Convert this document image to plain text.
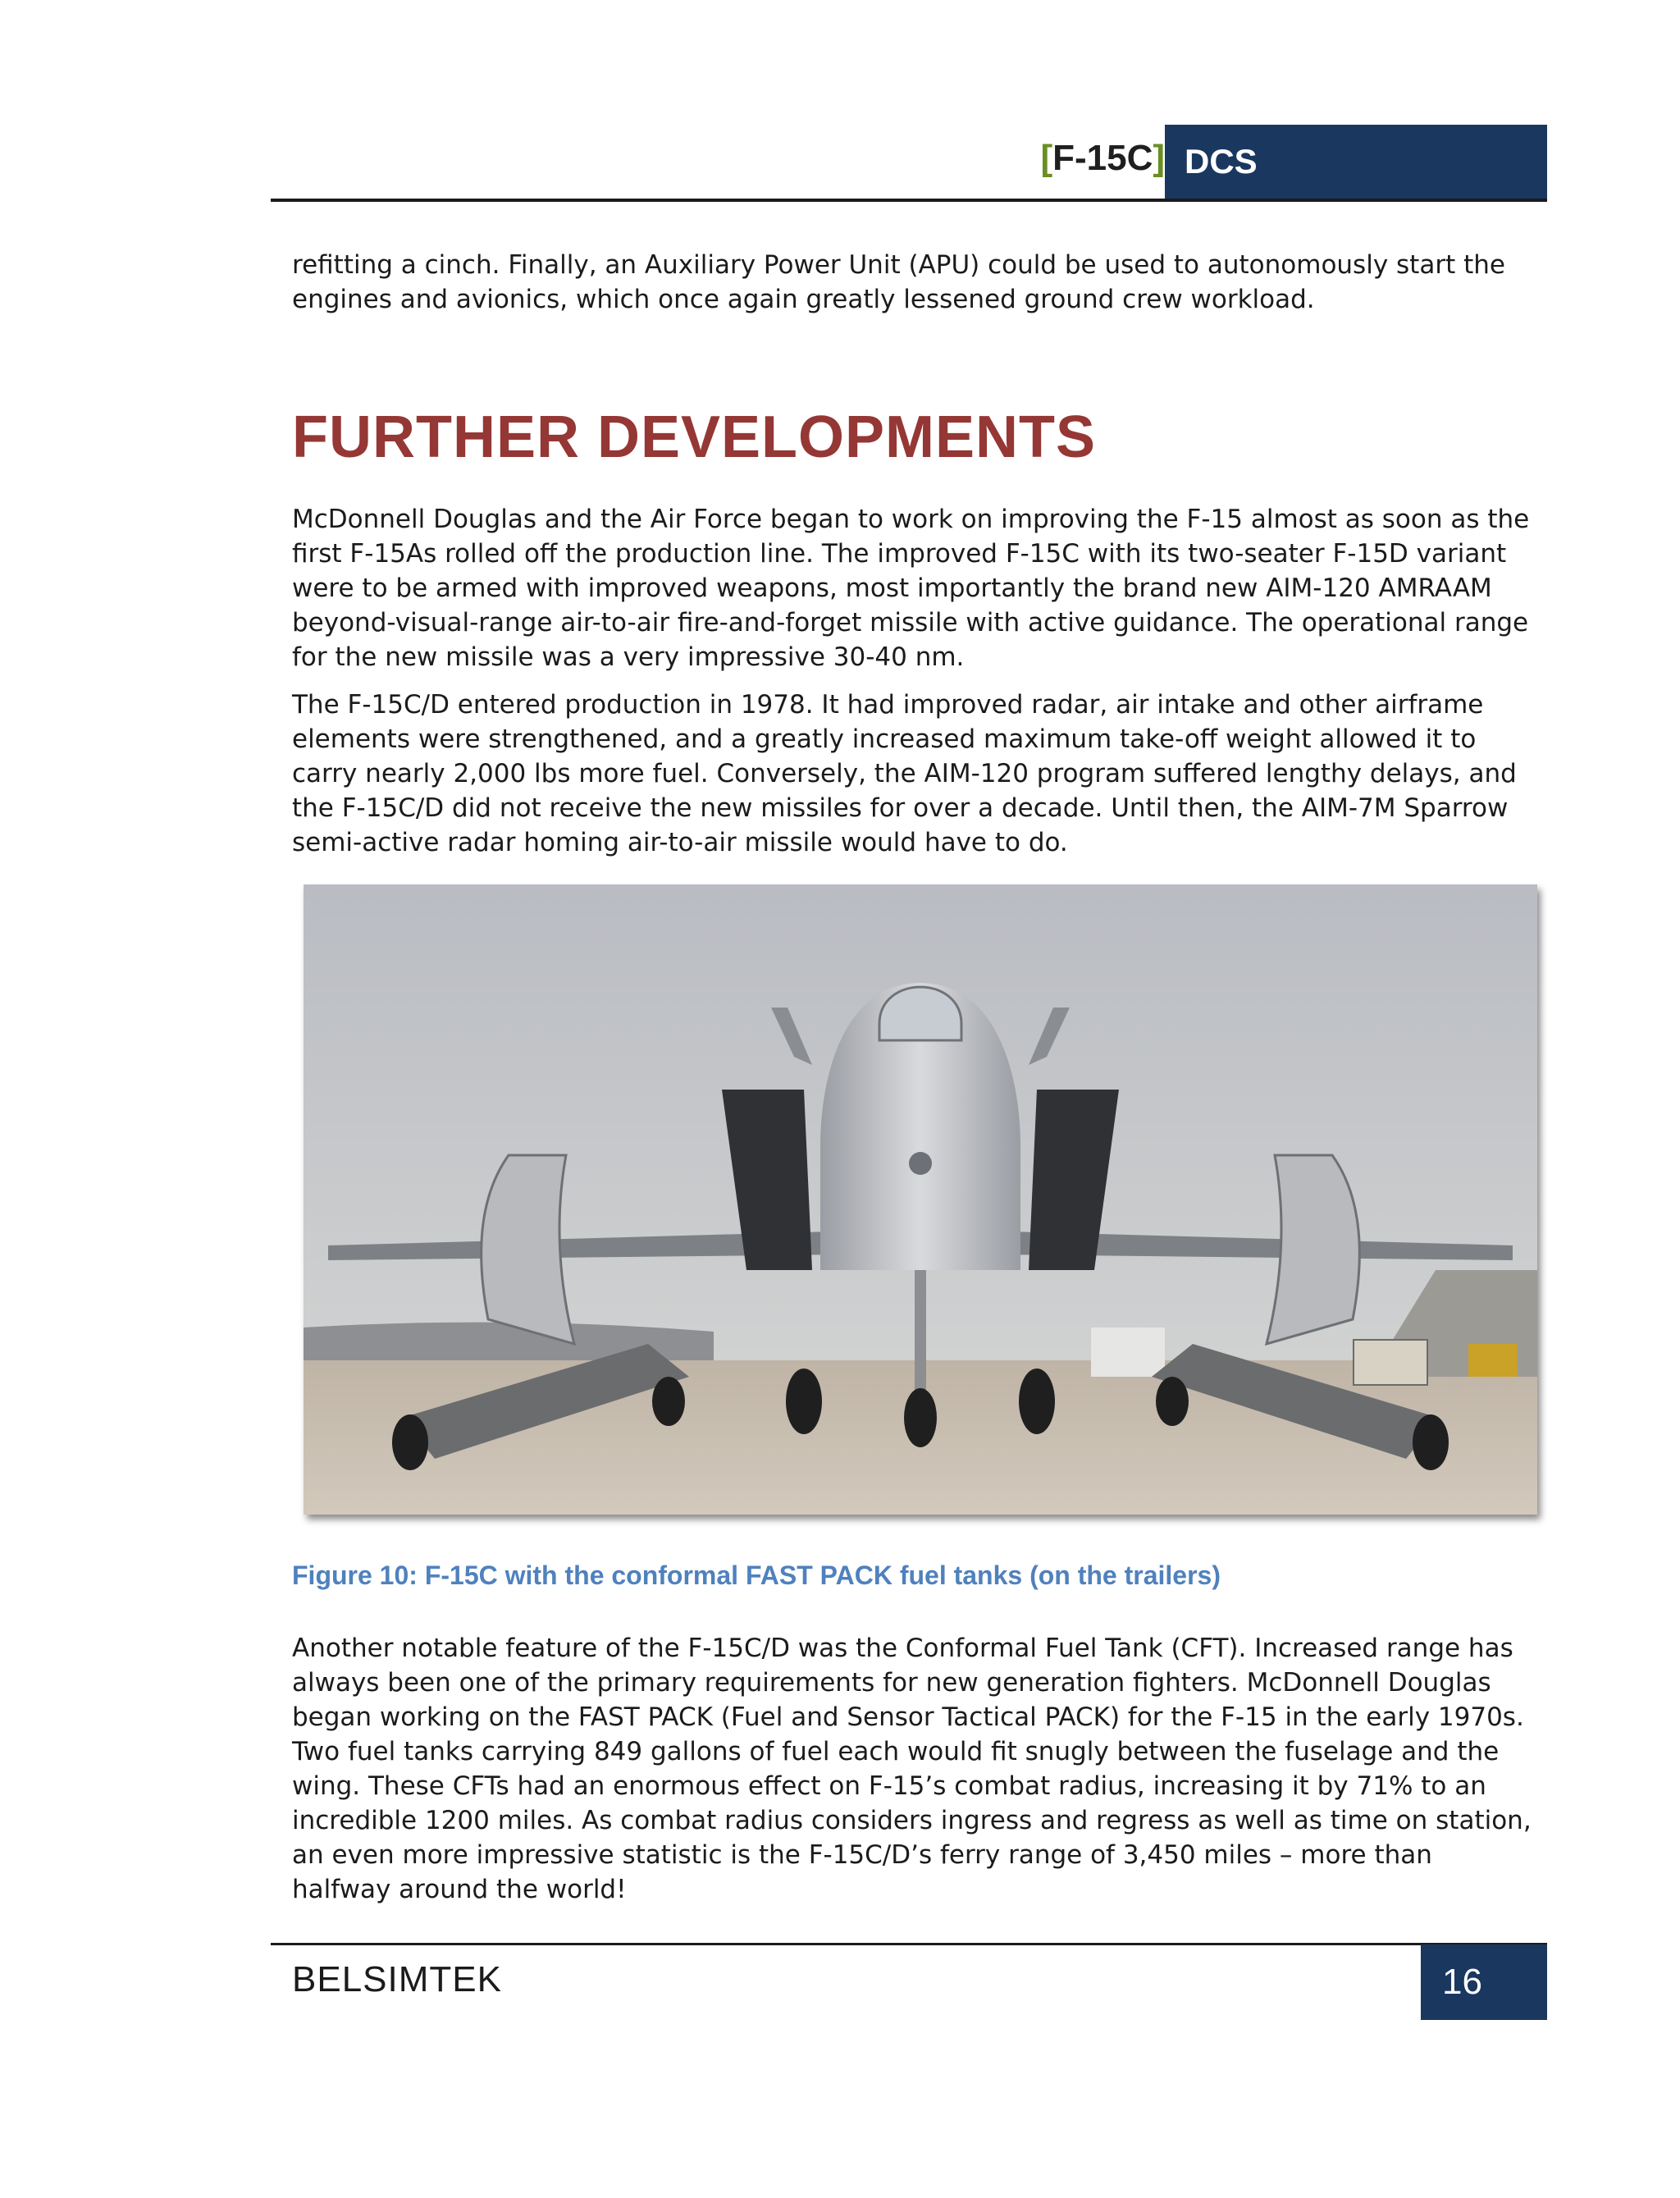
[F-15C] DCS

refitting a cinch. Finally, an Auxiliary Power Unit (APU) could be used to autonomously start the engines and avionics, which once again greatly lessened ground crew workload.

FURTHER DEVELOPMENTS

McDonnell Douglas and the Air Force began to work on improving the F-15 almost as soon as the first F-15As rolled off the production line. The improved F-15C with its two-seater F-15D variant were to be armed with improved weapons, most importantly the brand new AIM-120 AMRAAM beyond-visual-range air-to-air fire-and-forget missile with active guidance. The operational range for the new missile was a very impressive 30-40 nm.

The F-15C/D entered production in 1978. It had improved radar, air intake and other airframe elements were strengthened, and a greatly increased maximum take-off weight allowed it to carry nearly 2,000 lbs more fuel. Conversely, the AIM-120 program suffered lengthy delays, and the F-15C/D did not receive the new missiles for over a decade. Until then, the AIM-7M Sparrow semi-active radar homing air-to-air missile would have to do.

Figure 10: F-15C with the conformal FAST PACK fuel tanks (on the trailers)

Another notable feature of the F-15C/D was the Conformal Fuel Tank (CFT). Increased range has always been one of the primary requirements for new generation fighters. McDonnell Douglas began working on the FAST PACK (Fuel and Sensor Tactical PACK) for the F-15 in the early 1970s. Two fuel tanks carrying 849 gallons of fuel each would fit snugly between the fuselage and the wing. These CFTs had an enormous effect on F-15’s combat radius, increasing it by 71% to an incredible 1200 miles. As combat radius considers ingress and regress as well as time on station, an even more impressive statistic is the F-15C/D’s ferry range of 3,450 miles – more than halfway around the world!

BELSIMTEK	16
